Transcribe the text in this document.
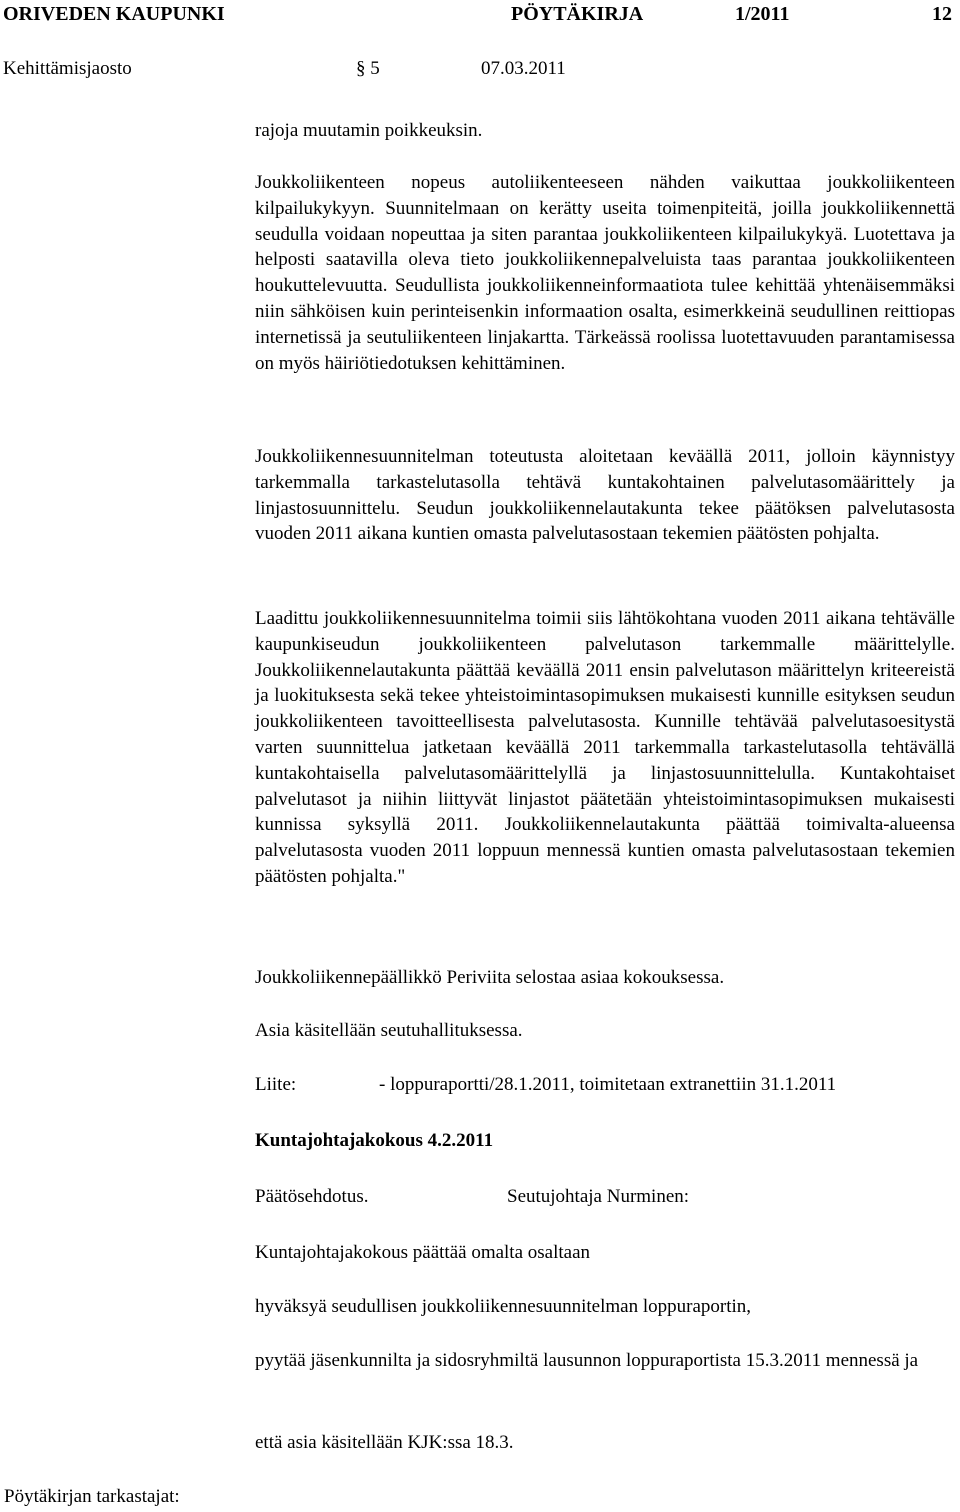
ORIVEDEN KAUPUNKI	PÖYTÄKIRJA	1/2011	12
Kehittämisjaosto	§ 5	07.03.2011

rajoja muutamin poikkeuksin.

Joukkoliikenteen nopeus autoliikenteeseen nähden vaikuttaa joukkoliikenteen kilpailukykyyn. Suunnitelmaan on kerätty useita toimenpiteitä, joilla joukkoliikennettä seudulla voidaan nopeuttaa ja siten parantaa joukkoliikenteen kilpailukykyä. Luotettava ja helposti saatavilla oleva tieto joukkoliikennepalveluista taas parantaa joukkoliikenteen houkuttelevuutta. Seudullista joukkoliikenneinformaatiota tulee kehittää yhtenäisemmäksi niin sähköisen kuin perinteisenkin informaation osalta, esimerkkeinä seudullinen reittiopas internetissä ja seutuliikenteen linjakartta. Tärkeässä roolissa luotettavuuden parantamisessa on myös häiriötiedotuksen kehittäminen.

Joukkoliikennesuunnitelman toteutusta aloitetaan keväällä 2011, jolloin käynnistyy tarkemmalla tarkastelutasolla tehtävä kuntakohtainen palvelutasomäärittely ja linjastosuunnittelu. Seudun joukkoliikennelautakunta tekee päätöksen palvelutasosta vuoden 2011 aikana kuntien omasta palvelutasostaan tekemien päätösten pohjalta.

Laadittu joukkoliikennesuunnitelma toimii siis lähtökohtana vuoden 2011 aikana tehtävälle kaupunkiseudun joukkoliikenteen palvelutason tarkemmalle määrittelylle. Joukkoliikennelautakunta päättää keväällä 2011 ensin palvelutason määrittelyn kriteereistä ja luokituksesta sekä tekee yhteistoimintasopimuksen mukaisesti kunnille esityksen seudun joukkoliikenteen tavoitteellisesta palvelutasosta. Kunnille tehtävää palvelutasoesitystä varten suunnittelua jatketaan keväällä 2011 tarkemmalla tarkastelutasolla tehtävällä kuntakohtaisella palvelutasomäärittelyllä ja linjastosuunnittelulla. Kuntakohtaiset palvelutasot ja niihin liittyvät linjastot päätetään yhteistoimintasopimuksen mukaisesti kunnissa syksyllä 2011. Joukkoliikennelautakunta päättää toimivalta-alueensa palvelutasosta vuoden 2011 loppuun mennessä kuntien omasta palvelutasostaan tekemien päätösten pohjalta."

Joukkoliikennepäällikkö Periviita selostaa asiaa kokouksessa.

Asia käsitellään seutuhallituksessa.

Liite:	- loppuraportti/28.1.2011, toimitetaan extranettiin 31.1.2011
Kuntajohtajakokous 4.2.2011
Päätösehdotus.	Seutujohtaja Nurminen:
Kuntajohtajakokous päättää omalta osaltaan
hyväksyä seudullisen joukkoliikennesuunnitelman loppuraportin,
pyytää jäsenkunnilta ja sidosryhmiltä lausunnon loppuraportista 15.3.2011 mennessä ja
että asia käsitellään KJK:ssa 18.3.
Pöytäkirjan tarkastajat:
